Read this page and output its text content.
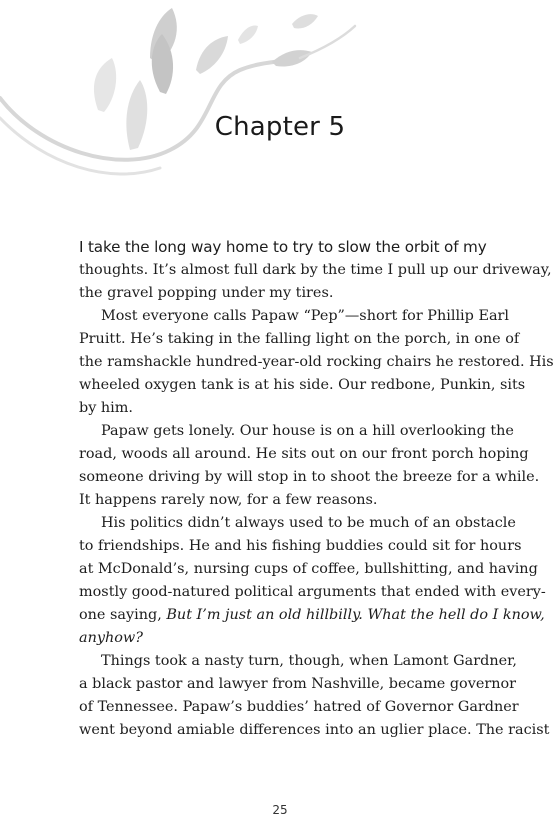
Chapter 5
I take the long way home to try to slow the orbit of my

thoughts. It’s almost full dark by the time I pull up our driveway,
the gravel popping under my tires.

Most everyone calls Papaw “Pep”—short for Phillip Earl
Pruitt. He’s taking in the falling light on the porch, in one of
the ramshackle hundred-year-old rocking chairs he restored. His
wheeled oxygen tank is at his side. Our redbone, Punkin, sits
by him.

Papaw gets lonely. Our house is on a hill overlooking the
road, woods all around. He sits out on our front porch hoping
someone driving by will stop in to shoot the breeze for a while.
It happens rarely now, for a few reasons.

His politics didn’t always used to be much of an obstacle
to friendships. He and his fishing buddies could sit for hours
at McDonald’s, nursing cups of coffee, bullshitting, and having
mostly good-natured political arguments that ended with every-
one saying, But I’m just an old hillbilly. What the hell do I know,
anyhow?

Things took a nasty turn, though, when Lamont Gardner,
a black pastor and lawyer from Nashville, became governor
of Tennessee. Papaw’s buddies’ hatred of Governor Gardner
went beyond amiable differences into an uglier place. The racist

25
